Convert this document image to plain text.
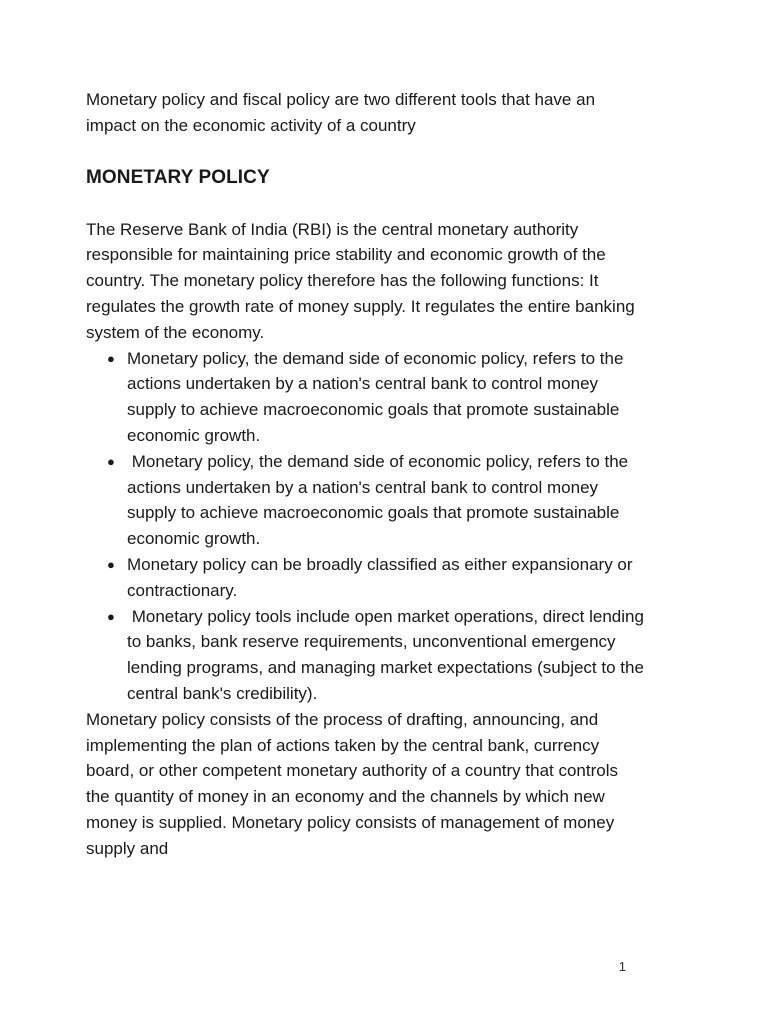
Monetary policy and fiscal policy are two different tools that have an impact on the economic activity of a country

MONETARY POLICY

The Reserve Bank of India (RBI) is the central monetary authority responsible for maintaining price stability and economic growth of the country. The monetary policy therefore has the following functions: It regulates the growth rate of money supply. It regulates the entire banking system of the economy.

● Monetary policy, the demand side of economic policy, refers to the actions undertaken by a nation's central bank to control money supply to achieve macroeconomic goals that promote sustainable economic growth.
● Monetary policy, the demand side of economic policy, refers to the actions undertaken by a nation's central bank to control money supply to achieve macroeconomic goals that promote sustainable economic growth.
● Monetary policy can be broadly classified as either expansionary or contractionary.
● Monetary policy tools include open market operations, direct lending to banks, bank reserve requirements, unconventional emergency lending programs, and managing market expectations (subject to the central bank's credibility).

Monetary policy consists of the process of drafting, announcing, and implementing the plan of actions taken by the central bank, currency board, or other competent monetary authority of a country that controls the quantity of money in an economy and the channels by which new money is supplied. Monetary policy consists of management of money supply and

1
